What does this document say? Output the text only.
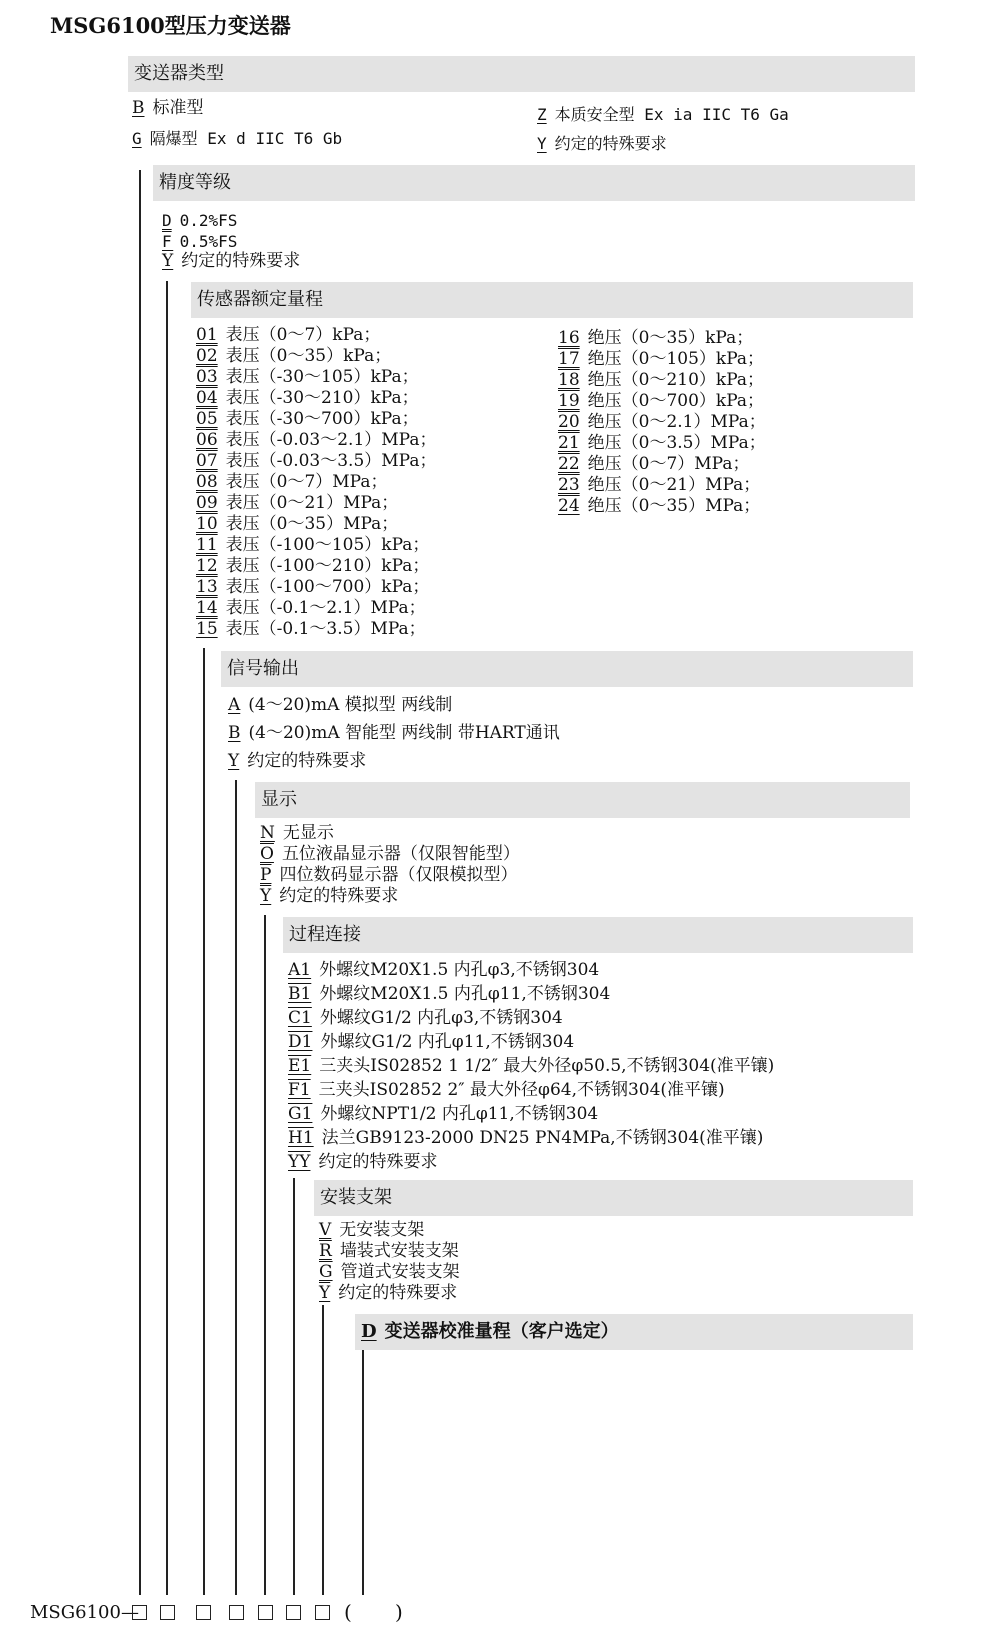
MSG6100型压力变送器
变送器类型
B 标准型
G 隔爆型 Ex d IIC T6 Gb
Z 本质安全型 Ex ia IIC T6 Ga
Y 约定的特殊要求
精度等级
D 0.2%FS
F 0.5%FS
Y 约定的特殊要求
传感器额定量程
01 表压（0～7）kPa；
02 表压（0～35）kPa；
03 表压（-30～105）kPa；
04 表压（-30～210）kPa；
05 表压（-30～700）kPa；
06 表压（-0.03～2.1）MPa；
07 表压（-0.03～3.5）MPa；
08 表压（0～7）MPa；
09 表压（0～21）MPa；
10 表压（0～35）MPa；
11 表压（-100～105）kPa；
12 表压（-100～210）kPa；
13 表压（-100～700）kPa；
14 表压（-0.1～2.1）MPa；
15 表压（-0.1～3.5）MPa；
16 绝压（0～35）kPa；
17 绝压（0～105）kPa；
18 绝压（0～210）kPa；
19 绝压（0～700）kPa；
20 绝压（0～2.1）MPa；
21 绝压（0～3.5）MPa；
22 绝压（0～7）MPa；
23 绝压（0～21）MPa；
24 绝压（0～35）MPa；
信号输出
A (4～20)mA 模拟型 两线制
B (4～20)mA 智能型 两线制 带HART通讯
Y 约定的特殊要求
显示
N 无显示
O 五位液晶显示器（仅限智能型）
P 四位数码显示器（仅限模拟型）
Y 约定的特殊要求
过程连接
A1 外螺纹M20X1.5 内孔φ3,不锈钢304
B1 外螺纹M20X1.5 内孔φ11,不锈钢304
C1 外螺纹G1/2 内孔φ3,不锈钢304
D1 外螺纹G1/2 内孔φ11,不锈钢304
E1 三夹头IS02852 1 1/2″ 最大外径φ50.5,不锈钢304(准平镶)
F1 三夹头IS02852 2″ 最大外径φ64,不锈钢304(准平镶)
G1 外螺纹NPT1/2 内孔φ11,不锈钢304
H1 法兰GB9123-2000 DN25 PN4MPa,不锈钢304(准平镶)
YY 约定的特殊要求
安装支架
V 无安装支架
R 墙装式安装支架
G 管道式安装支架
Y 约定的特殊要求
D 变送器校准量程（客户选定）
MSG6100—	( )
